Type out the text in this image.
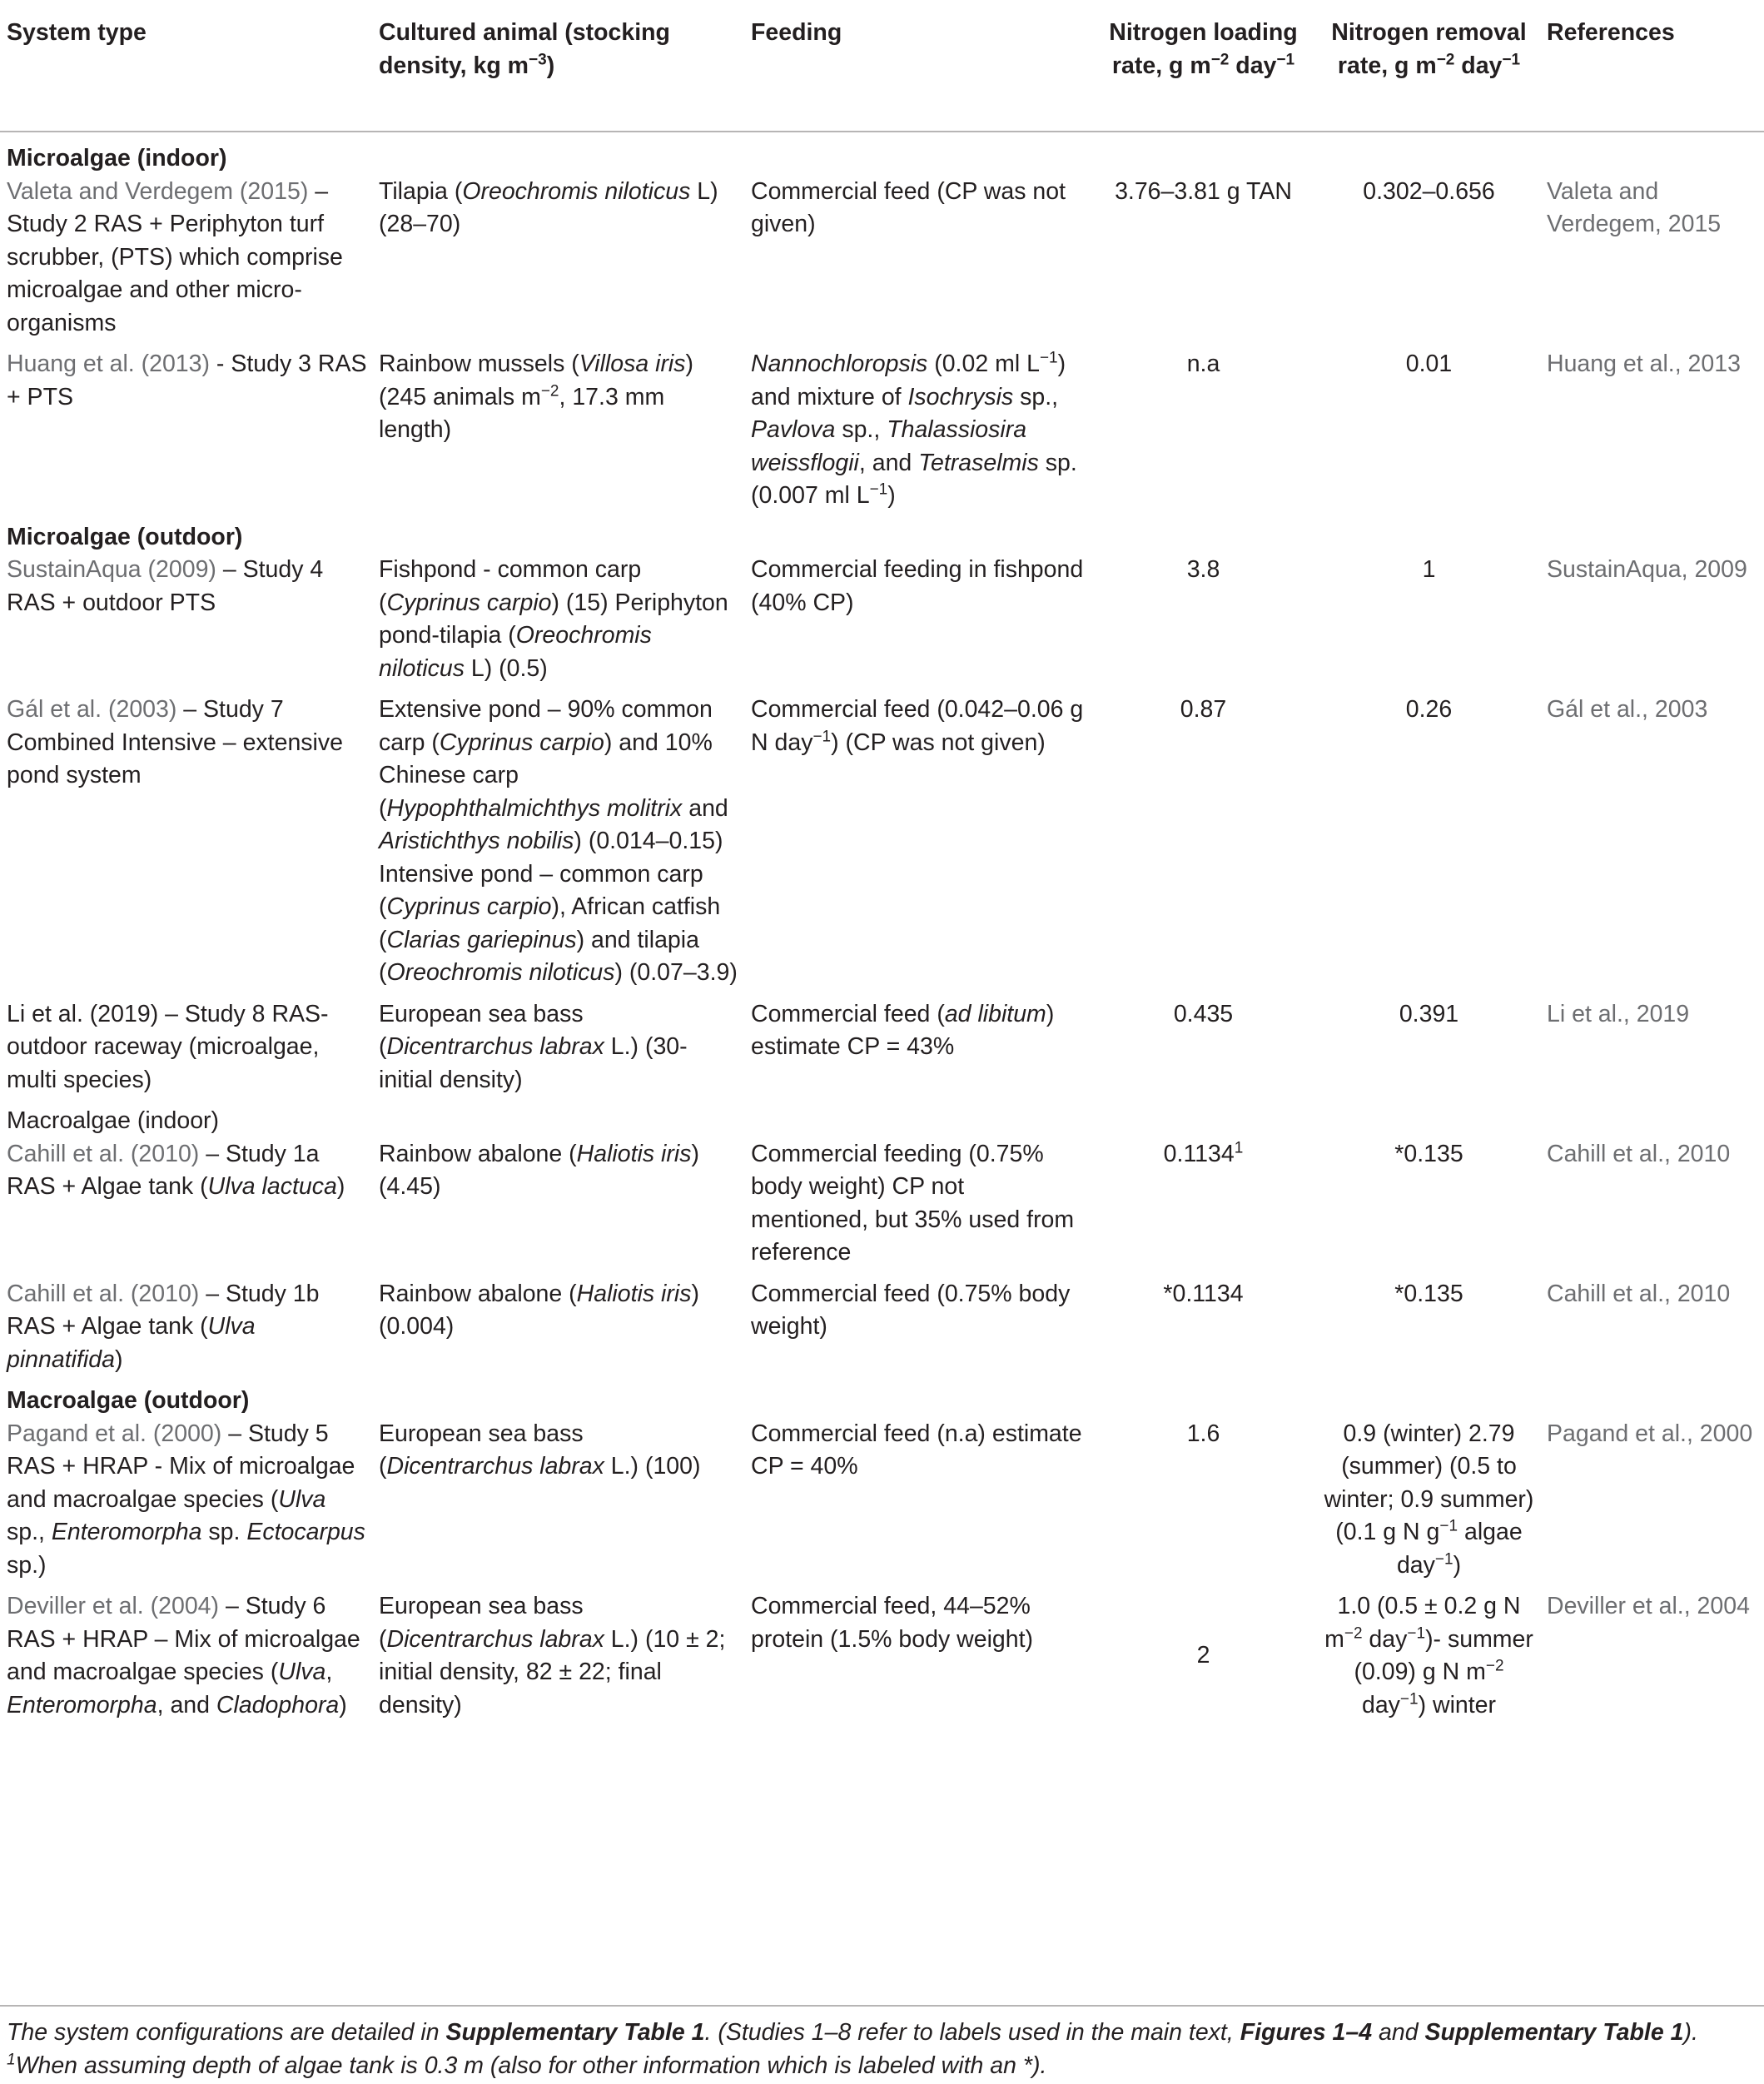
System type	Cultured animal (stocking density, kg $m^{-3}$)	Feeding	Nitrogen loading rate, g $m^{-2}$ day$^{-1}$	Nitrogen removal rate, g $m^{-2}$ day$^{-1}$	References
Microalgae (indoor)					
Valeta and Verdegem (2015) – Study 2 RAS + Periphyton turf scrubber, (PTS) which comprise microalgae and other micro-organisms	Tilapia (Oreochromis niloticus L) (28–70)	Commercial feed (CP was not given)	3.76–3.81 g TAN	0.302–0.656	Valeta and Verdegem, 2015
Huang et al. (2013) - Study 3 RAS + PTS	Rainbow mussels (Villosa iris) (245 animals $m^{-2}$, 17.3 mm length)	Nannochloropsis (0.02 ml $L^{-1}$) and mixture of Isochrysis sp., Pavlova sp., Thalassiosira weissflogii, and Tetraselmis sp. (0.007 ml $L^{-1}$)	n.a	0.01	Huang et al., 2013
Microalgae (outdoor)					
SustainAqua (2009) – Study 4 RAS + outdoor PTS	Fishpond - common carp (Cyprinus carpio) (15) Periphyton pond-tilapia (Oreochromis niloticus L) (0.5)	Commercial feeding in fishpond (40% CP)	3.8	1	SustainAqua, 2009
Gál et al. (2003) – Study 7 Combined Intensive – extensive pond system	Extensive pond – 90% common carp (Cyprinus carpio) and 10% Chinese carp (Hypophthalmichthys molitrix and Aristichthys nobilis) (0.014–0.15) Intensive pond – common carp (Cyprinus carpio), African catfish (Clarias gariepinus) and tilapia (Oreochromis niloticus) (0.07–3.9)	Commercial feed (0.042–0.06 g N day$^{-1}$) (CP was not given)	0.87	0.26	Gál et al., 2003
Li et al. (2019) – Study 8 RAS- outdoor raceway (microalgae, multi species)	European sea bass (Dicentrarchus labrax L.) (30- initial density)	Commercial feed (ad libitum) estimate CP = 43%	0.435	0.391	Li et al., 2019
Macroalgae (indoor)					
Cahill et al. (2010) – Study 1a RAS + Algae tank (Ulva lactuca)	Rainbow abalone (Haliotis iris) (4.45)	Commercial feeding (0.75% body weight) CP not mentioned, but 35% used from reference	0.1134$^1$	*0.135	Cahill et al., 2010
Cahill et al. (2010) – Study 1b RAS + Algae tank (Ulva pinnatifida)	Rainbow abalone (Haliotis iris) (0.004)	Commercial feed (0.75% body weight)	*0.1134	*0.135	Cahill et al., 2010
Macroalgae (outdoor)					
Pagand et al. (2000) – Study 5 RAS + HRAP - Mix of microalgae and macroalgae species (Ulva sp., Enteromorpha sp. Ectocarpus sp.)	European sea bass (Dicentrarchus labrax L.) (100)	Commercial feed (n.a) estimate CP = 40%	1.6	0.9 (winter) 2.79 (summer) (0.5 to winter; 0.9 summer) (0.1 g N $g^{-1}$ algae day$^{-1}$)	Pagand et al., 2000
Deviller et al. (2004) – Study 6 RAS + HRAP – Mix of microalgae and macroalgae species (Ulva, Enteromorpha, and Cladophora)	European sea bass (Dicentrarchus labrax L.) (10 ± 2; initial density, 82 ± 22; final density)	Commercial feed, 44–52% protein (1.5% body weight)	2	1.0 (0.5 ± 0.2 g N $m^{-2}$ day$^{-1}$)- summer (0.09) g N $m^{-2}$ day$^{-1}$) winter	Deviller et al., 2004
The system configurations are detailed in Supplementary Table 1. (Studies 1–8 refer to labels used in the main text, Figures 1–4 and Supplementary Table 1). $^1$When assuming depth of algae tank is 0.3 m (also for other information which is labeled with an *).
